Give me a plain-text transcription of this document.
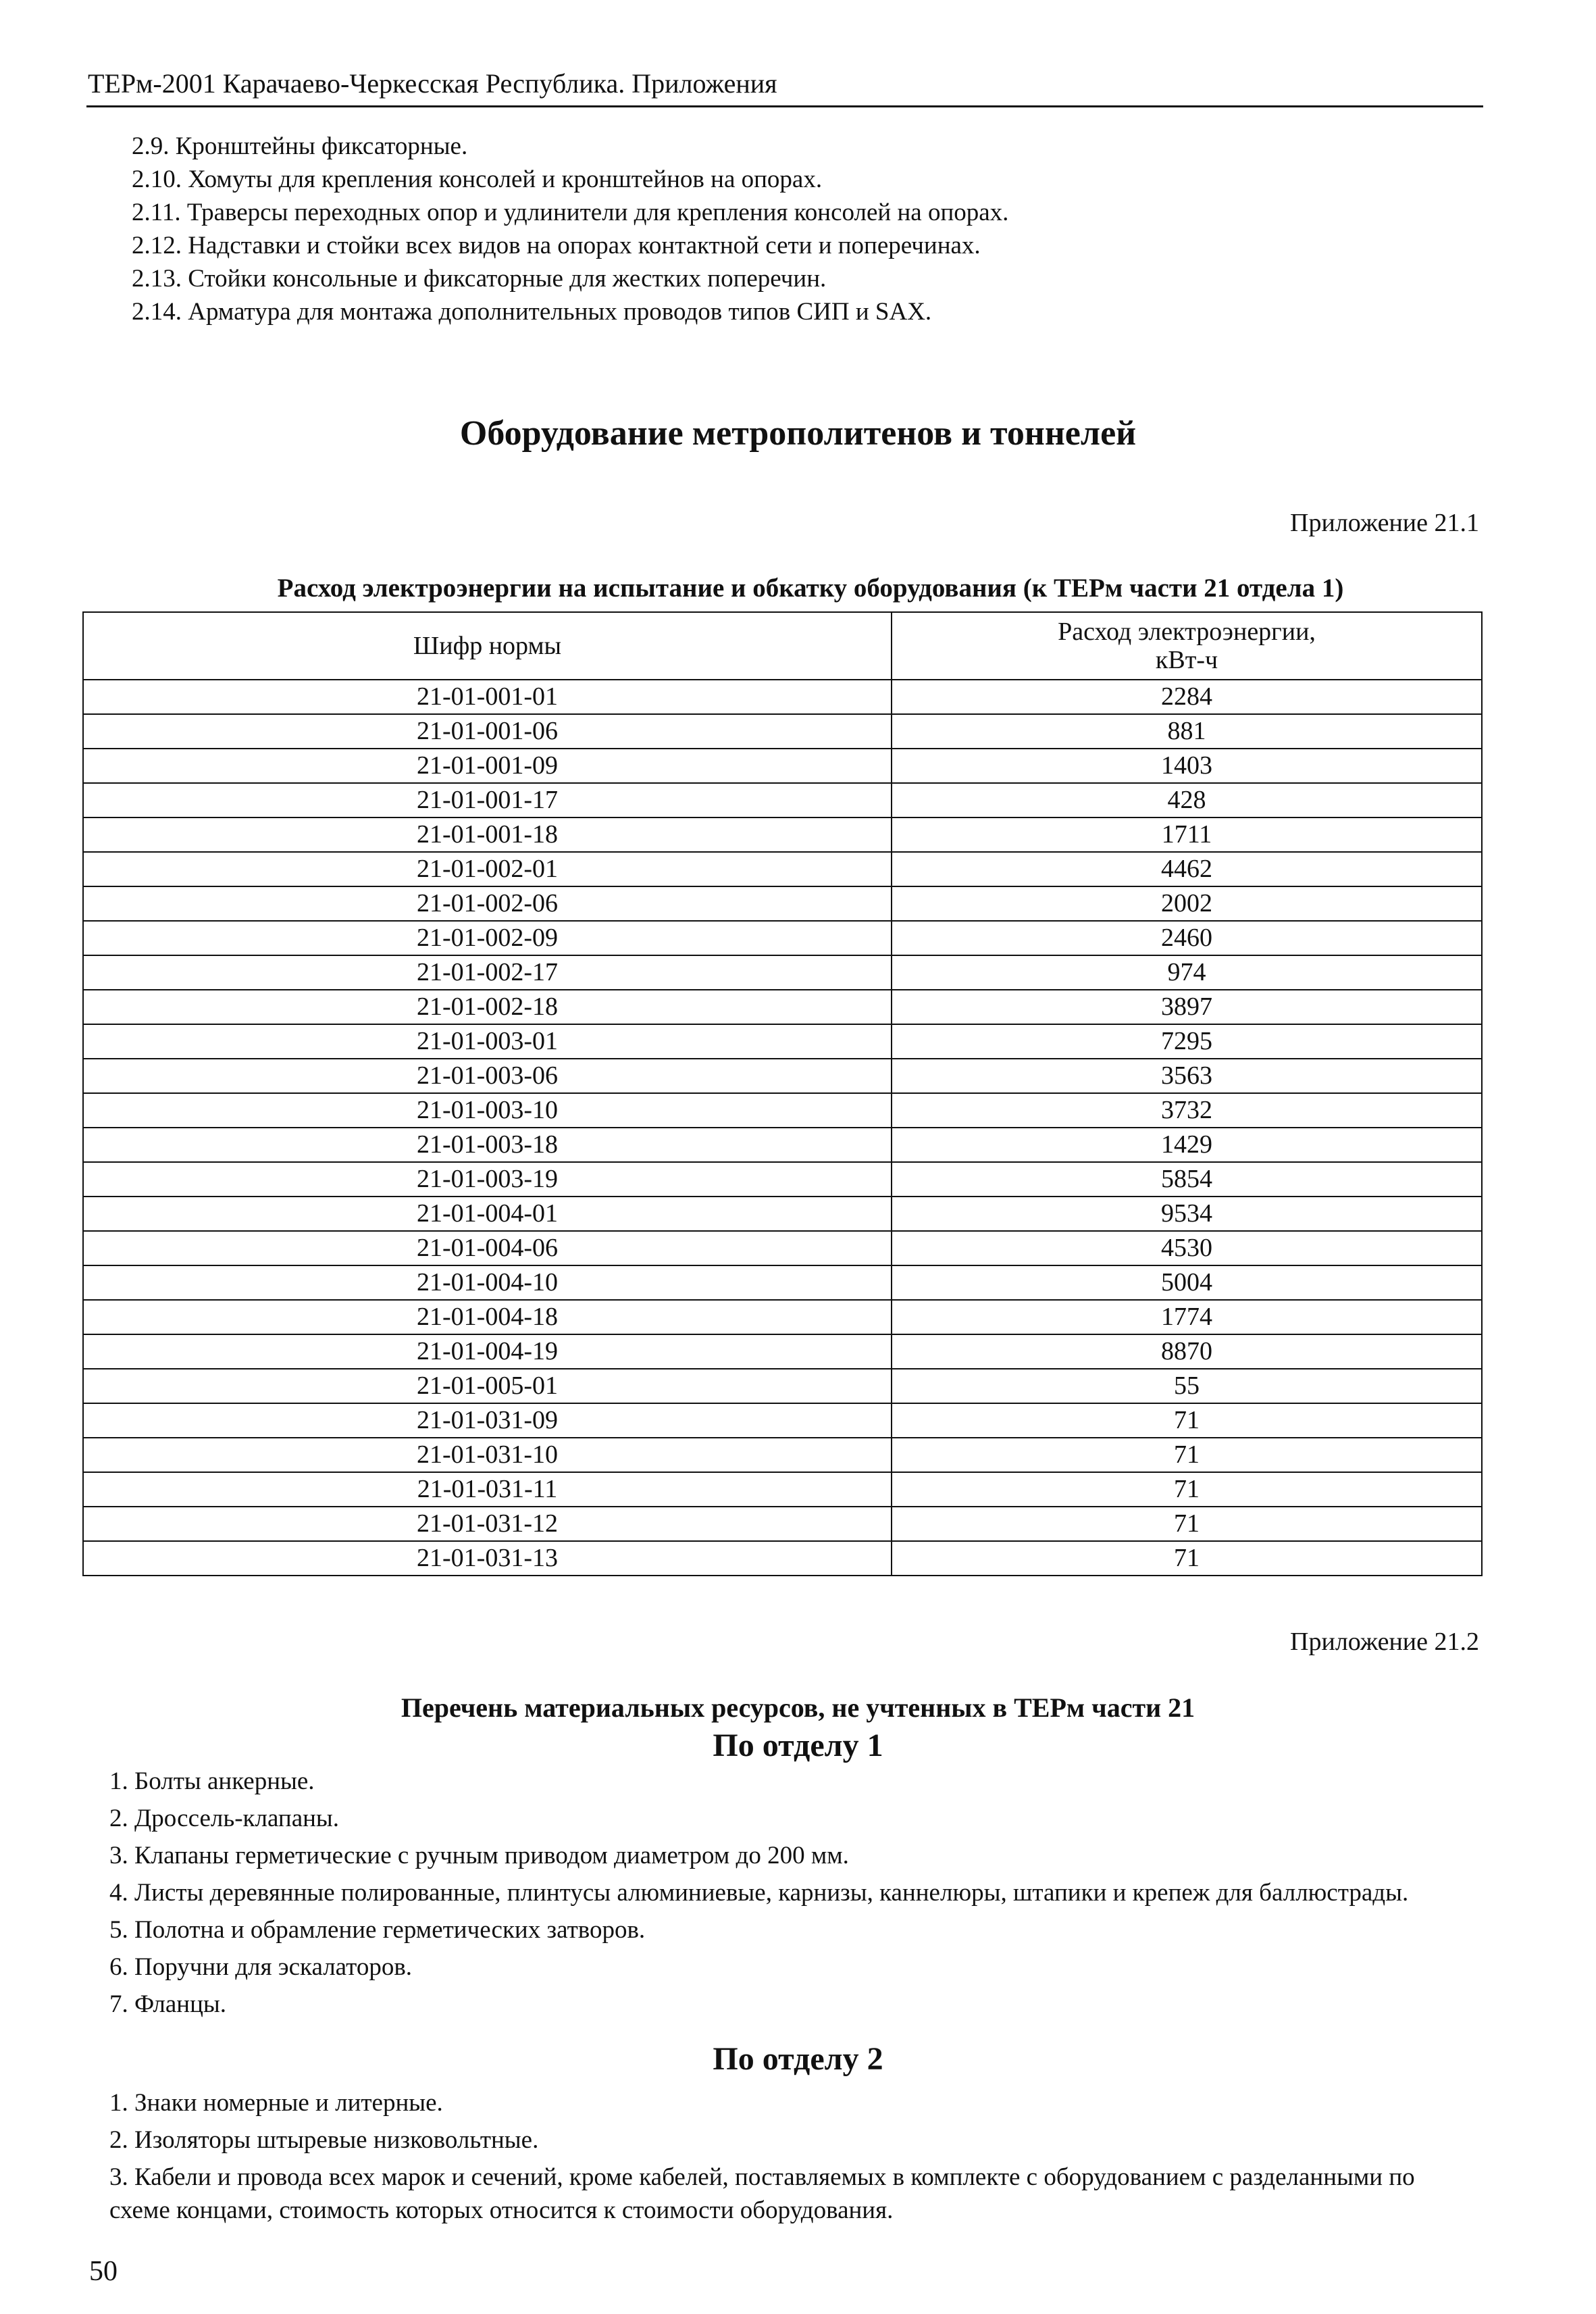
ТЕРм-2001 Карачаево-Черкесская Республика. Приложения
2.9. Кронштейны фиксаторные.
2.10. Хомуты для крепления консолей и кронштейнов на опорах.
2.11. Траверсы переходных опор и удлинители для крепления консолей на опорах.
2.12. Надставки и стойки всех видов на опорах контактной сети и поперечинах.
2.13. Стойки консольные и фиксаторные для жестких поперечин.
2.14. Арматура для монтажа дополнительных проводов типов СИП и SAX.
Оборудование метрополитенов и тоннелей
Приложение 21.1
Расход электроэнергии на испытание и обкатку оборудования (к ТЕРм части 21 отдела 1)
Шифр нормы	Расход электроэнергии,
кВт-ч
21-01-001-01	2284
21-01-001-06	881
21-01-001-09	1403
21-01-001-17	428
21-01-001-18	1711
21-01-002-01	4462
21-01-002-06	2002
21-01-002-09	2460
21-01-002-17	974
21-01-002-18	3897
21-01-003-01	7295
21-01-003-06	3563
21-01-003-10	3732
21-01-003-18	1429
21-01-003-19	5854
21-01-004-01	9534
21-01-004-06	4530
21-01-004-10	5004
21-01-004-18	1774
21-01-004-19	8870
21-01-005-01	55
21-01-031-09	71
21-01-031-10	71
21-01-031-11	71
21-01-031-12	71
21-01-031-13	71
Приложение 21.2
Перечень материальных ресурсов, не учтенных в ТЕРм части 21
По отделу 1
1. Болты анкерные.
2. Дроссель-клапаны.
3. Клапаны герметические с ручным приводом диаметром до 200 мм.
4. Листы деревянные полированные, плинтусы алюминиевые, карнизы, каннелюры, штапики и крепеж для баллюстрады.
5. Полотна и обрамление герметических затворов.
6. Поручни для эскалаторов.
7. Фланцы.
По отделу 2
1. Знаки номерные и литерные.
2. Изоляторы штыревые низковольтные.
3. Кабели и провода всех марок и сечений, кроме кабелей, поставляемых в комплекте с оборудованием с разделанными по схеме концами, стоимость которых относится к стоимости оборудования.
50
